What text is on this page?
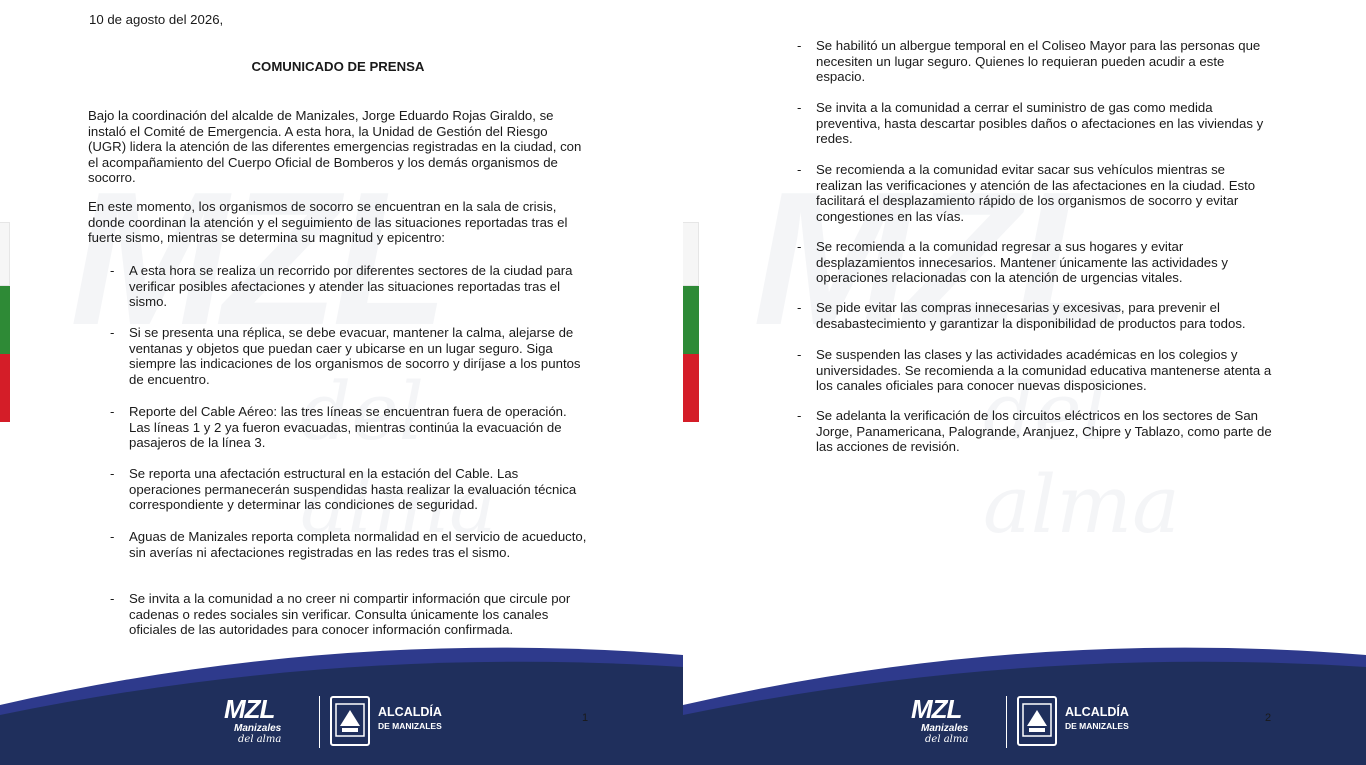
10 de agosto del 2026,
COMUNICADO DE PRENSA
Bajo la coordinación del alcalde de Manizales, Jorge Eduardo Rojas Giraldo, se instaló el Comité de Emergencia. A esta hora, la Unidad de Gestión del Riesgo (UGR) lidera la atención de las diferentes emergencias registradas en la ciudad, con el acompañamiento del Cuerpo Oficial de Bomberos y los demás organismos de socorro.
En este momento, los organismos de socorro se encuentran en la sala de crisis, donde coordinan la atención y el seguimiento de las situaciones reportadas tras el fuerte sismo, mientras se determina su magnitud y epicentro:
- A esta hora se realiza un recorrido por diferentes sectores de la ciudad para verificar posibles afectaciones y atender las situaciones reportadas tras el sismo.
- Si se presenta una réplica, se debe evacuar, mantener la calma, alejarse de ventanas y objetos que puedan caer y ubicarse en un lugar seguro. Siga siempre las indicaciones de los organismos de socorro y diríjase a los puntos de encuentro.
- Reporte del Cable Aéreo: las tres líneas se encuentran fuera de operación. Las líneas 1 y 2 ya fueron evacuadas, mientras continúa la evacuación de pasajeros de la línea 3.
- Se reporta una afectación estructural en la estación del Cable. Las operaciones permanecerán suspendidas hasta realizar la evaluación técnica correspondiente y determinar las condiciones de seguridad.
- Aguas de Manizales reporta completa normalidad en el servicio de acueducto, sin averías ni afectaciones registradas en las redes tras el sismo.
- Se invita a la comunidad a no creer ni compartir información que circule por cadenas o redes sociales sin verificar. Consulta únicamente los canales oficiales de las autoridades para conocer información confirmada.
MZL
Manizales
del alma
ALCALDÍA
DE MANIZALES
1
- Se habilitó un albergue temporal en el Coliseo Mayor para las personas que necesiten un lugar seguro. Quienes lo requieran pueden acudir a este espacio.
- Se invita a la comunidad a cerrar el suministro de gas como medida preventiva, hasta descartar posibles daños o afectaciones en las viviendas y redes.
- Se recomienda a la comunidad evitar sacar sus vehículos mientras se realizan las verificaciones y atención de las afectaciones en la ciudad. Esto facilitará el desplazamiento rápido de los organismos de socorro y evitar congestiones en las vías.
- Se recomienda a la comunidad regresar a sus hogares y evitar desplazamientos innecesarios. Mantener únicamente las actividades y operaciones relacionadas con la atención de urgencias vitales.
- Se pide evitar las compras innecesarias y excesivas, para prevenir el desabastecimiento y garantizar la disponibilidad de productos para todos.
- Se suspenden las clases y las actividades académicas en los colegios y universidades. Se recomienda a la comunidad educativa mantenerse atenta a los canales oficiales para conocer nuevas disposiciones.
- Se adelanta la verificación de los circuitos eléctricos en los sectores de San Jorge, Panamericana, Palogrande, Aranjuez, Chipre y Tablazo, como parte de las acciones de revisión.
MZL
Manizales
del alma
ALCALDÍA
DE MANIZALES
2
